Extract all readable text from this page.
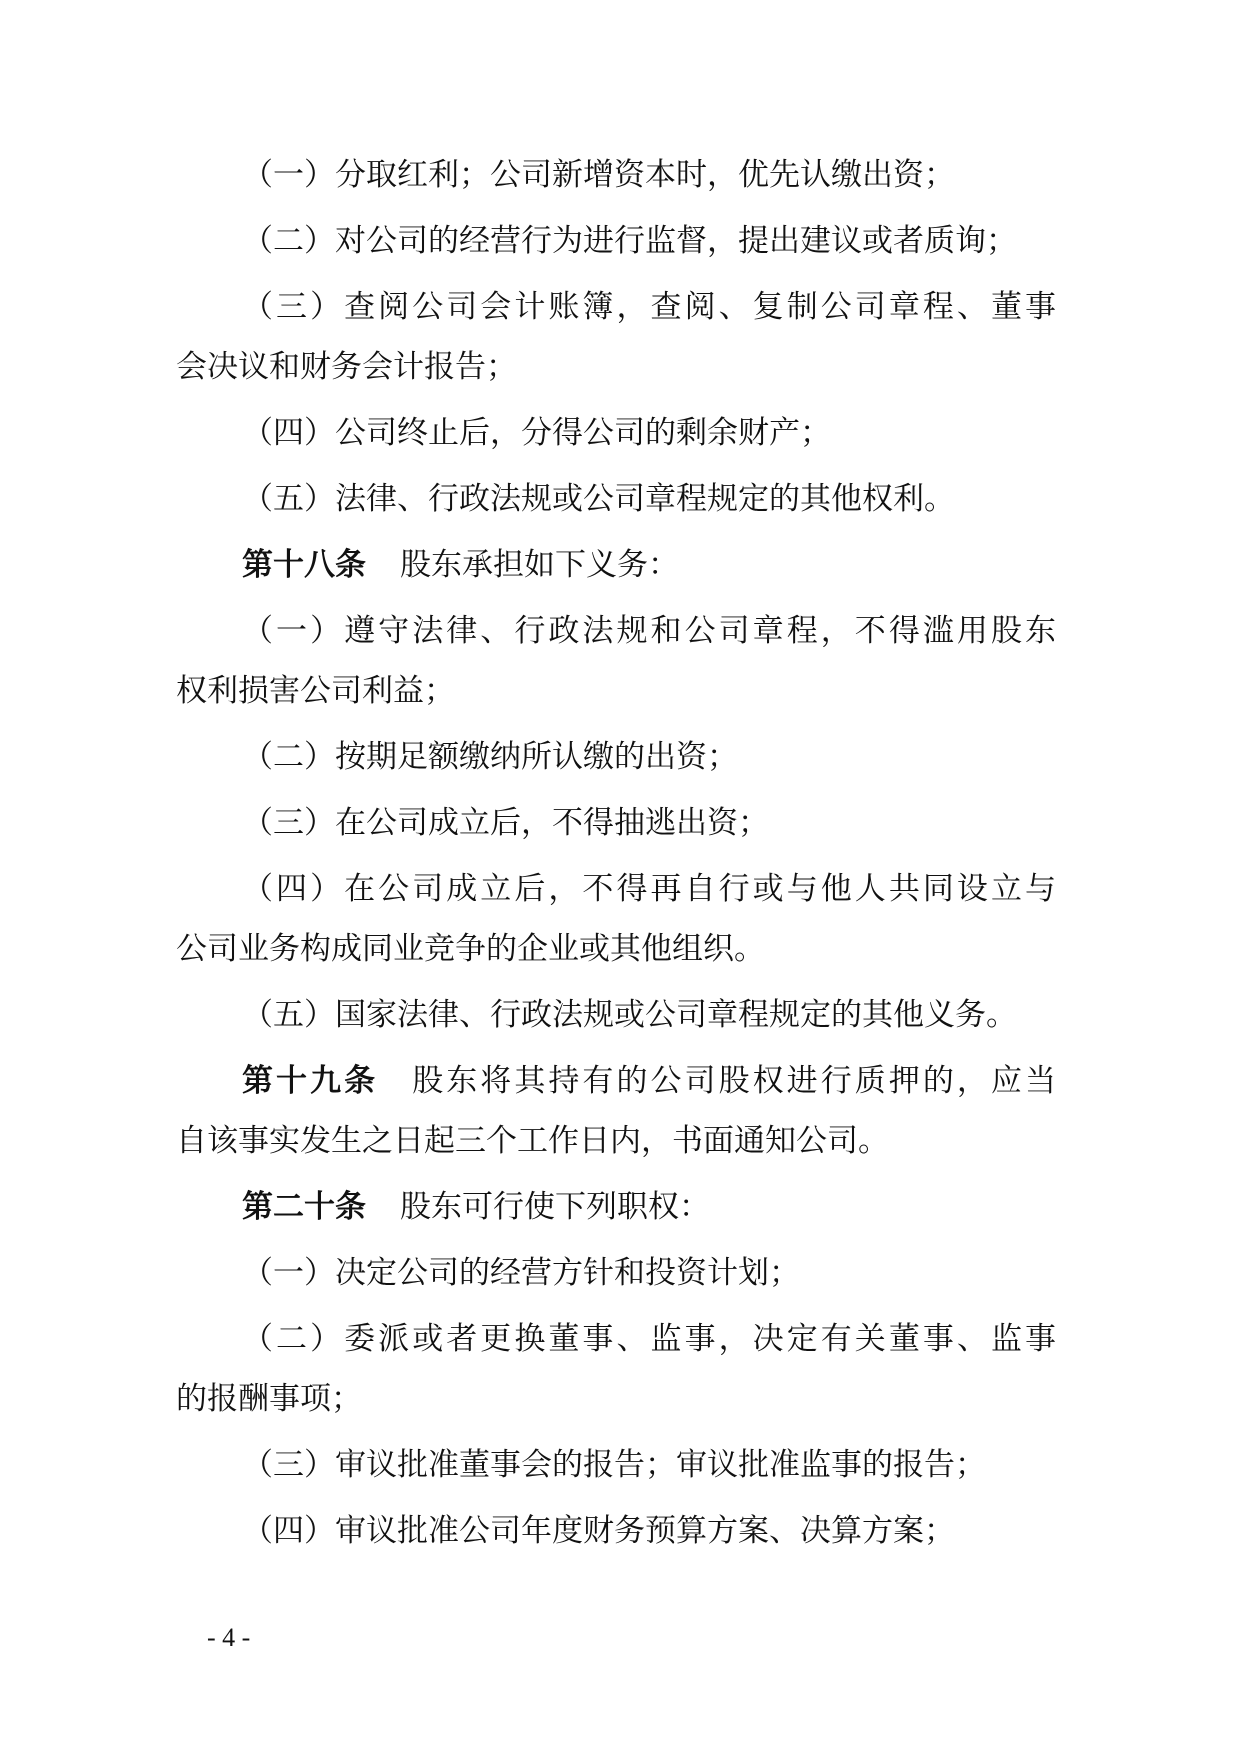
（一）分取红利；公司新增资本时，优先认缴出资；
（二）对公司的经营行为进行监督，提出建议或者质询；
（三）查阅公司会计账簿，查阅、复制公司章程、董事
会决议和财务会计报告；
（四）公司终止后，分得公司的剩余财产；
（五）法律、行政法规或公司章程规定的其他权利。
第十八条 股东承担如下义务：
（一）遵守法律、行政法规和公司章程，不得滥用股东
权利损害公司利益；
（二）按期足额缴纳所认缴的出资；
（三）在公司成立后，不得抽逃出资；
（四）在公司成立后，不得再自行或与他人共同设立与
公司业务构成同业竞争的企业或其他组织。
（五）国家法律、行政法规或公司章程规定的其他义务。
第十九条 股东将其持有的公司股权进行质押的，应当
自该事实发生之日起三个工作日内，书面通知公司。
第二十条 股东可行使下列职权：
（一）决定公司的经营方针和投资计划；
（二）委派或者更换董事、监事，决定有关董事、监事
的报酬事项；
（三）审议批准董事会的报告；审议批准监事的报告；
（四）审议批准公司年度财务预算方案、决算方案；
- 4 -
